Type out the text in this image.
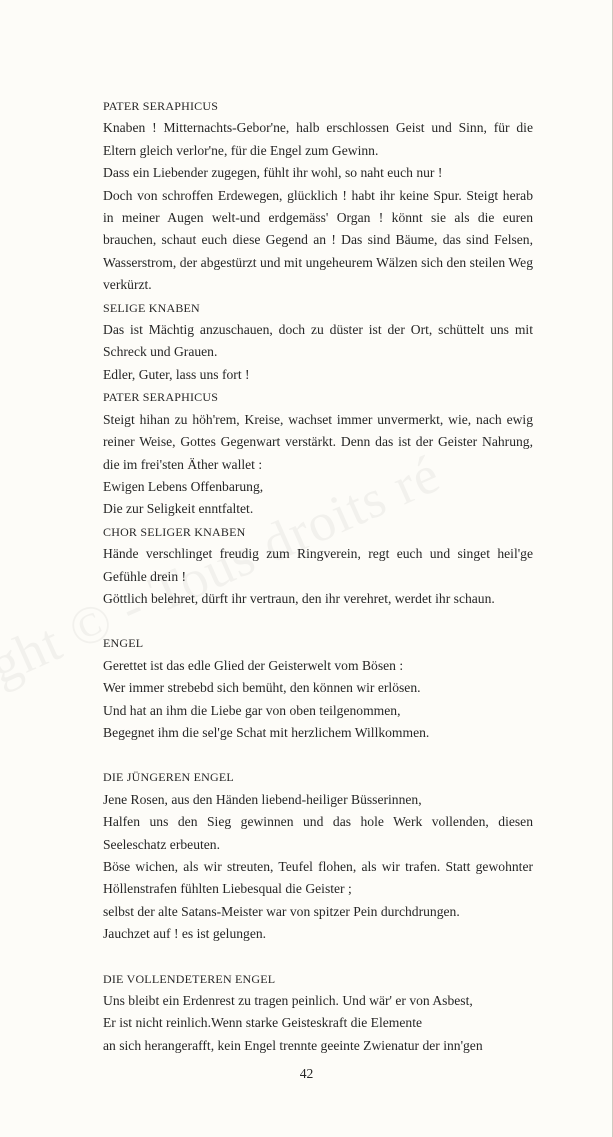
PATER SERAPHICUS
Knaben ! Mitternachts-Gebor'ne, halb erschlossen Geist und Sinn, für die Eltern gleich verlor'ne, für die Engel zum Gewinn.
Dass ein Liebender zugegen, fühlt ihr wohl, so naht euch nur !
Doch von schroffen Erdewegen, glücklich ! habt ihr keine Spur. Steigt herab in meiner Augen welt-und erdgemäss' Organ ! könnt sie als die euren brauchen, schaut euch diese Gegend an ! Das sind Bäume, das sind Felsen, Wasserstrom, der abgestürzt und mit ungeheurem Wälzen sich den steilen Weg verkürzt.
SELIGE KNABEN
Das ist Mächtig anzuschauen, doch zu düster ist der Ort, schüttelt uns mit Schreck und Grauen.
Edler, Guter, lass uns fort !
PATER SERAPHICUS
Steigt hihan zu höh'rem, Kreise, wachset immer unvermerkt, wie, nach ewig reiner Weise, Gottes Gegenwart verstärkt. Denn das ist der Geister Nahrung, die im frei'sten Äther wallet :
Ewigen Lebens Offenbarung,
Die zur Seligkeit enntfaltet.
CHOR SELIGER KNABEN
Hände verschlinget freudig zum Ringverein, regt euch und singet heil'ge Gefühle drein !
Göttlich belehret, dürft ihr vertraun, den ihr verehret, werdet ihr schaun.
ENGEL
Gerettet ist das edle Glied der Geisterwelt vom Bösen :
Wer immer strebebd sich bemüht, den können wir erlösen.
Und hat an ihm die Liebe gar von oben teilgenommen,
Begegnet ihm die sel'ge Schat mit herzlichem Willkommen.
DIE JÜNGEREN ENGEL
Jene Rosen, aus den Händen liebend-heiliger Büsserinnen,
Halfen uns den Sieg gewinnen und das hole Werk vollenden, diesen Seeleschatz erbeuten.
Böse wichen, als wir streuten, Teufel flohen, als wir trafen. Statt gewohnter Höllenstrafen fühlten Liebesqual die Geister ;
selbst der alte Satans-Meister war von spitzer Pein durchdrungen.
Jauchzet auf ! es ist gelungen.
DIE VOLLENDETEREN ENGEL
Uns bleibt ein Erdenrest zu tragen peinlich. Und wär' er von Asbest,
Er ist nicht reinlich.Wenn starke Geisteskraft die Elemente
an sich herangerafft, kein Engel trennte geeinte Zwienatur der inn'gen
42
